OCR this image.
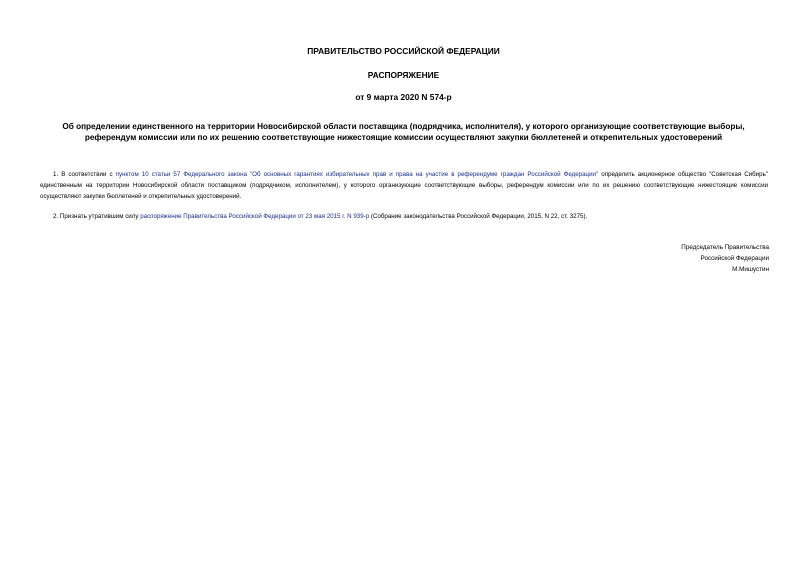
ПРАВИТЕЛЬСТВО РОССИЙСКОЙ ФЕДЕРАЦИИ
РАСПОРЯЖЕНИЕ
от 9 марта 2020 N 574-р
Об определении единственного на территории Новосибирской области поставщика (подрядчика, исполнителя), у которого организующие соответствующие выборы, референдум комиссии или по их решению соответствующие нижестоящие комиссии осуществляют закупки бюллетеней и открепительных удостоверений

1. В соответствии с пунктом 10 статьи 57 Федерального закона "Об основных гарантиях избирательных прав и права на участие в референдуме граждан Российской Федерации" определить акционерное общество "Советская Сибирь" единственным на территории Новосибирской области поставщиком (подрядчиком, исполнителем), у которого организующие соответствующие выборы, референдум комиссии или по их решению соответствующие нижестоящие комиссии осуществляют закупки бюллетеней и открепительных удостоверений.

2. Признать утратившим силу распоряжение Правительства Российской Федерации от 23 мая 2015 г. N 939-р (Собрание законодательства Российской Федерации, 2015, N 22, ст. 3275).

Председатель Правительства
Российской Федерации
М.Мишустин
